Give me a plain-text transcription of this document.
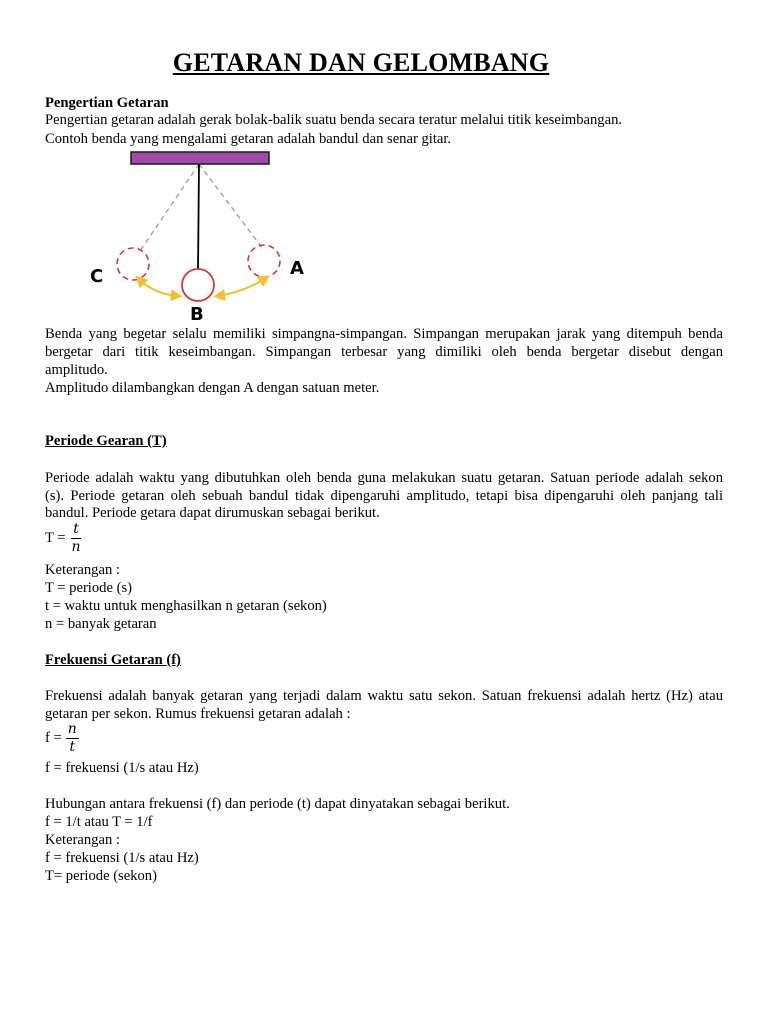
GETARAN DAN GELOMBANG
Pengertian Getaran
Pengertian getaran adalah gerak bolak-balik suatu benda secara teratur melalui titik keseimbangan.
Contoh benda yang mengalami getaran adalah bandul dan senar gitar.
C	A
B
Benda yang begetar selalu memiliki simpangna-simpangan. Simpangan merupakan jarak yang ditempuh benda
bergetar dari titik keseimbangan. Simpangan terbesar yang dimiliki oleh benda bergetar disebut dengan
amplitudo.
Amplitudo dilambangkan dengan A dengan satuan meter.
Periode Gearan (T)
Periode adalah waktu yang dibutuhkan oleh benda guna melakukan suatu getaran. Satuan periode adalah sekon
(s). Periode getaran oleh sebuah bandul tidak dipengaruhi amplitudo, tetapi bisa dipengaruhi oleh panjang tali
bandul. Periode getara dapat dirumuskan sebagai berikut.
$T = \frac{t}{n}$
Keterangan :
T = periode (s)
t = waktu untuk menghasilkan n getaran (sekon)
n = banyak getaran
Frekuensi Getaran (f)
Frekuensi adalah banyak getaran yang terjadi dalam waktu satu sekon. Satuan frekuensi adalah hertz (Hz) atau
getaran per sekon. Rumus frekuensi getaran adalah :
$f = \frac{n}{t}$
f = frekuensi (1/s atau Hz)
Hubungan antara frekuensi (f) dan periode (t) dapat dinyatakan sebagai berikut.
f = 1/t atau T = 1/f
Keterangan :
f = frekuensi (1/s atau Hz)
T= periode (sekon)
